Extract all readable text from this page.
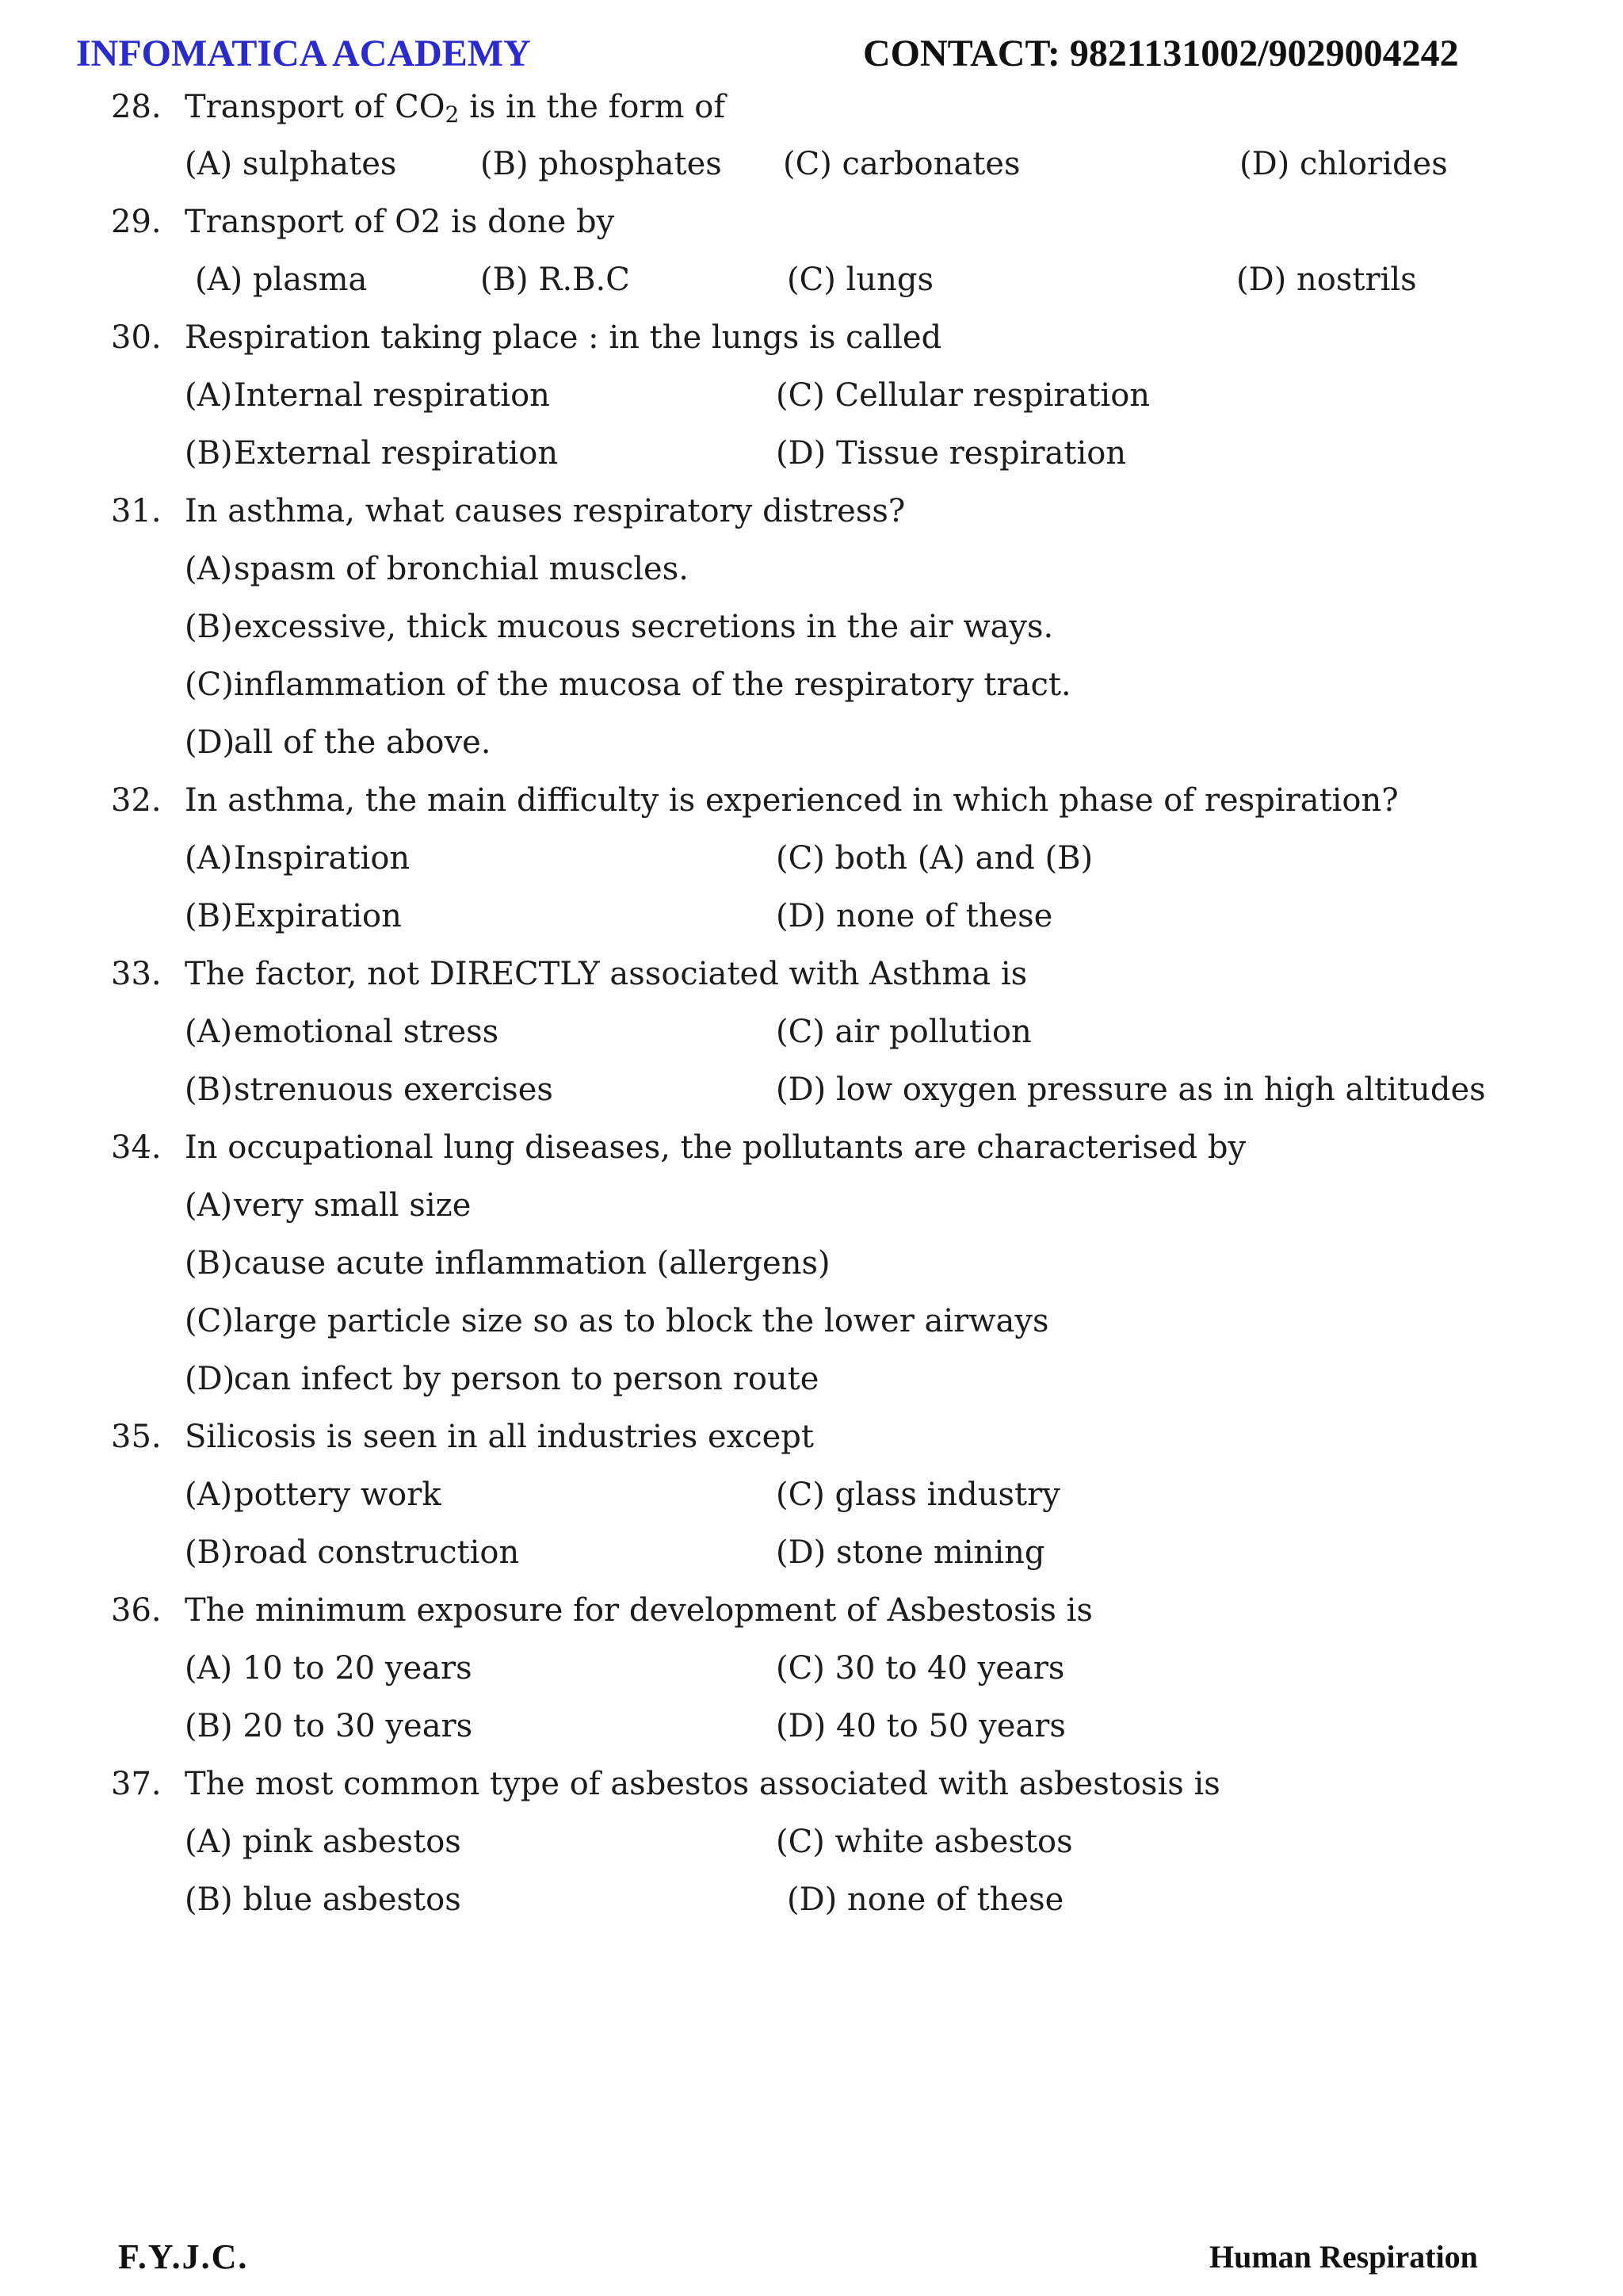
INFOMATICA ACADEMY	CONTACT: 9821131002/9029004242
28. Transport of $CO_2$ is in the form of
(A) sulphates	(B) phosphates (C) carbonates	(D) chlorides
29. Transport of O2 is done by
(A) plasma	(B) R.B.C	(C) lungs	(D) nostrils
30. Respiration taking place : in the lungs is called
(A)Internal respiration	(C) Cellular respiration
(B)External respiration	(D) Tissue respiration
31. In asthma, what causes respiratory distress?
(A)spasm of bronchial muscles.
(B)excessive, thick mucous secretions in the air ways.
(C)inflammation of the mucosa of the respiratory tract.
(D)all of the above.
32. In asthma, the main difficulty is experienced in which phase of respiration?
(A)Inspiration	(C) both (A) and (B)
(B)Expiration	(D) none of these
33. The factor, not DIRECTLY associated with Asthma is
(A)emotional stress	(C) air pollution
(B)strenuous exercises	(D) low oxygen pressure as in high altitudes
34. In occupational lung diseases, the pollutants are characterised by
(A)very small size
(B)cause acute inflammation (allergens)
(C)large particle size so as to block the lower airways
(D)can infect by person to person route
35. Silicosis is seen in all industries except
(A)pottery work	(C) glass industry
(B)road construction	(D) stone mining
36. The minimum exposure for development of Asbestosis is
(A) 10 to 20 years	(C) 30 to 40 years
(B) 20 to 30 years	(D) 40 to 50 years
37. The most common type of asbestos associated with asbestosis is
(A) pink asbestos	(C) white asbestos
(B) blue asbestos	(D) none of these
F.Y.J.C.	Human Respiration
